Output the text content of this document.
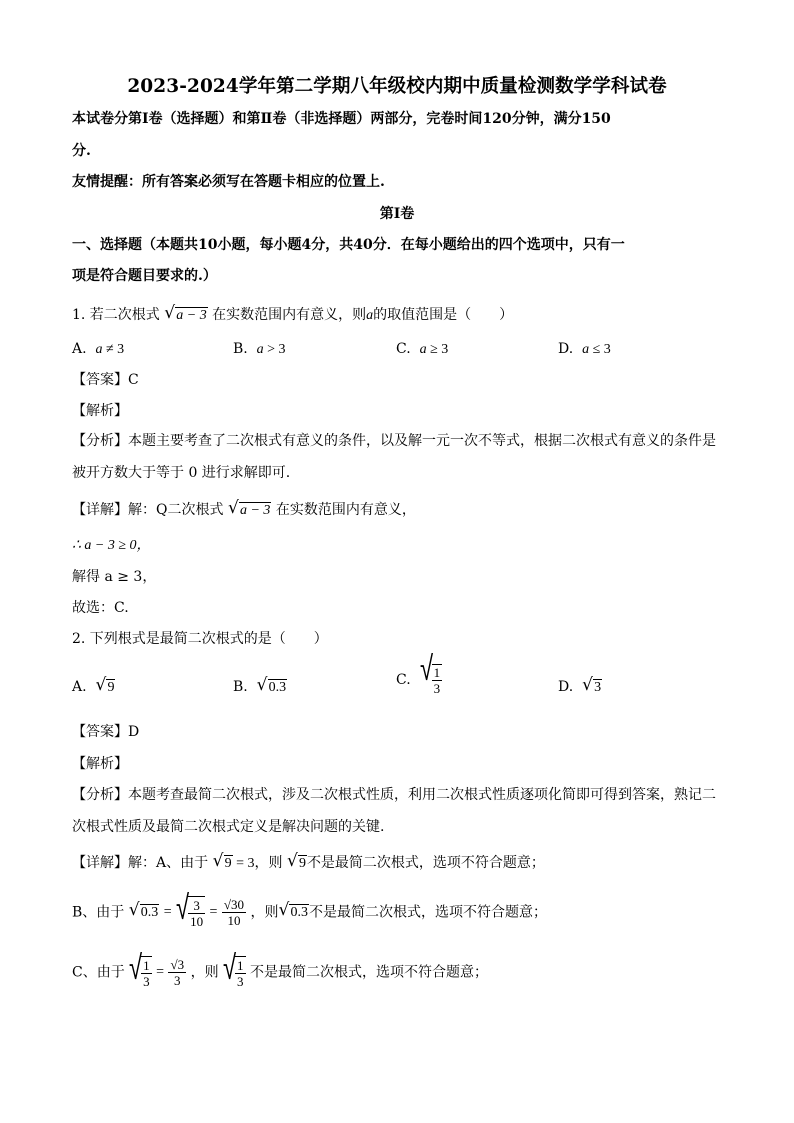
2023-2024学年第二学期八年级校内期中质量检测数学学科试卷
本试卷分第Ⅰ卷（选择题）和第Ⅱ卷（非选择题）两部分，完卷时间120分钟，满分150
分.
友情提醒：所有答案必须写在答题卡相应的位置上.
第Ⅰ卷
一、选择题（本题共10小题，每小题4分，共40分．在每小题给出的四个选项中，只有一
项是符合题目要求的.）
1. 若二次根式 √ a − 3 在实数范围内有意义，则a的取值范围是（　　）
A. a ≠ 3	B. a > 3	C. a ≥ 3	D. a ≤ 3
【答案】C
【解析】
【分析】本题主要考查了二次根式有意义的条件，以及解一元一次不等式，根据二次根式有意义的条件是
被开方数大于等于 0 进行求解即可.
【详解】解：Q二次根式 √ a − 3 在实数范围内有意义，
∴ a − 3 ≥ 0，
解得 a ≥ 3，
故选：C.
2. 下列根式是最简二次根式的是（　　）
A. √ 9	B. √ 0.3	C. √
$\frac{1}{3}$	D. √ 3
【答案】D
【解析】
【分析】本题考查最简二次根式，涉及二次根式性质，利用二次根式性质逐项化简即可得到答案，熟记二
次根式性质及最简二次根式定义是解决问题的关键.
【详解】解：A、由于 √ 9 = 3，则 √ 9不是最简二次根式，选项不符合题意；
B、由于 √ 0.3 = √
$\frac{3}{10} = \frac{√30}{10}$ ，则 √ 0.3不是最简二次根式，选项不符合题意；
C、由于 √
$\frac{1}{3} = \frac{√3}{3}$ ，则 √
$\frac{1}{3}$ 不是最简二次根式，选项不符合题意；
